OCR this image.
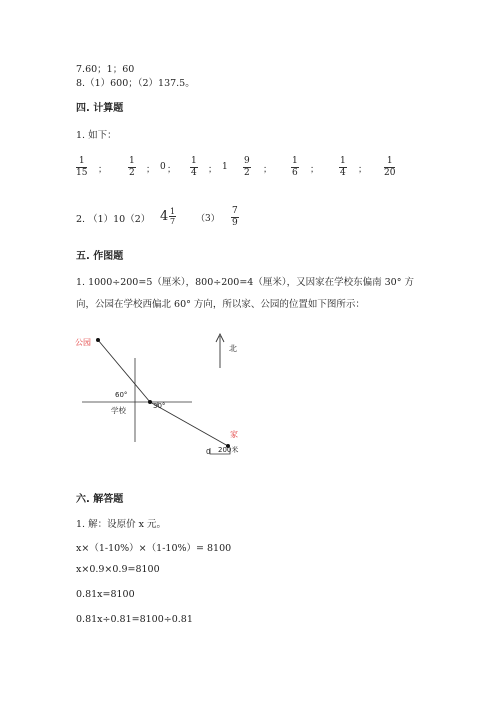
7.60；1；60
8.（1）600；（2）137.5。
四. 计算题
1. 如下：
1
15 ；
1
2 ； 0 ；
1
4 ； 1
9
2 ；
1
6 ；
1
4 ；
1
20
2. （1）10（2） 4 1
7 （3）
7
9
五. 作图题
1. 1000÷200=5（厘米），800÷200=4（厘米），又因家在学校东偏南 30° 方
向，公园在学校西偏北 60° 方向，所以家、公园的位置如下图所示：
公园
家
学校
北
60°
30°
0 200米
六. 解答题
1. 解：设原价 x 元。
x×（1-10%）×（1-10%）= 8100
x×0.9×0.9=8100
0.81x=8100
0.81x÷0.81=8100÷0.81
